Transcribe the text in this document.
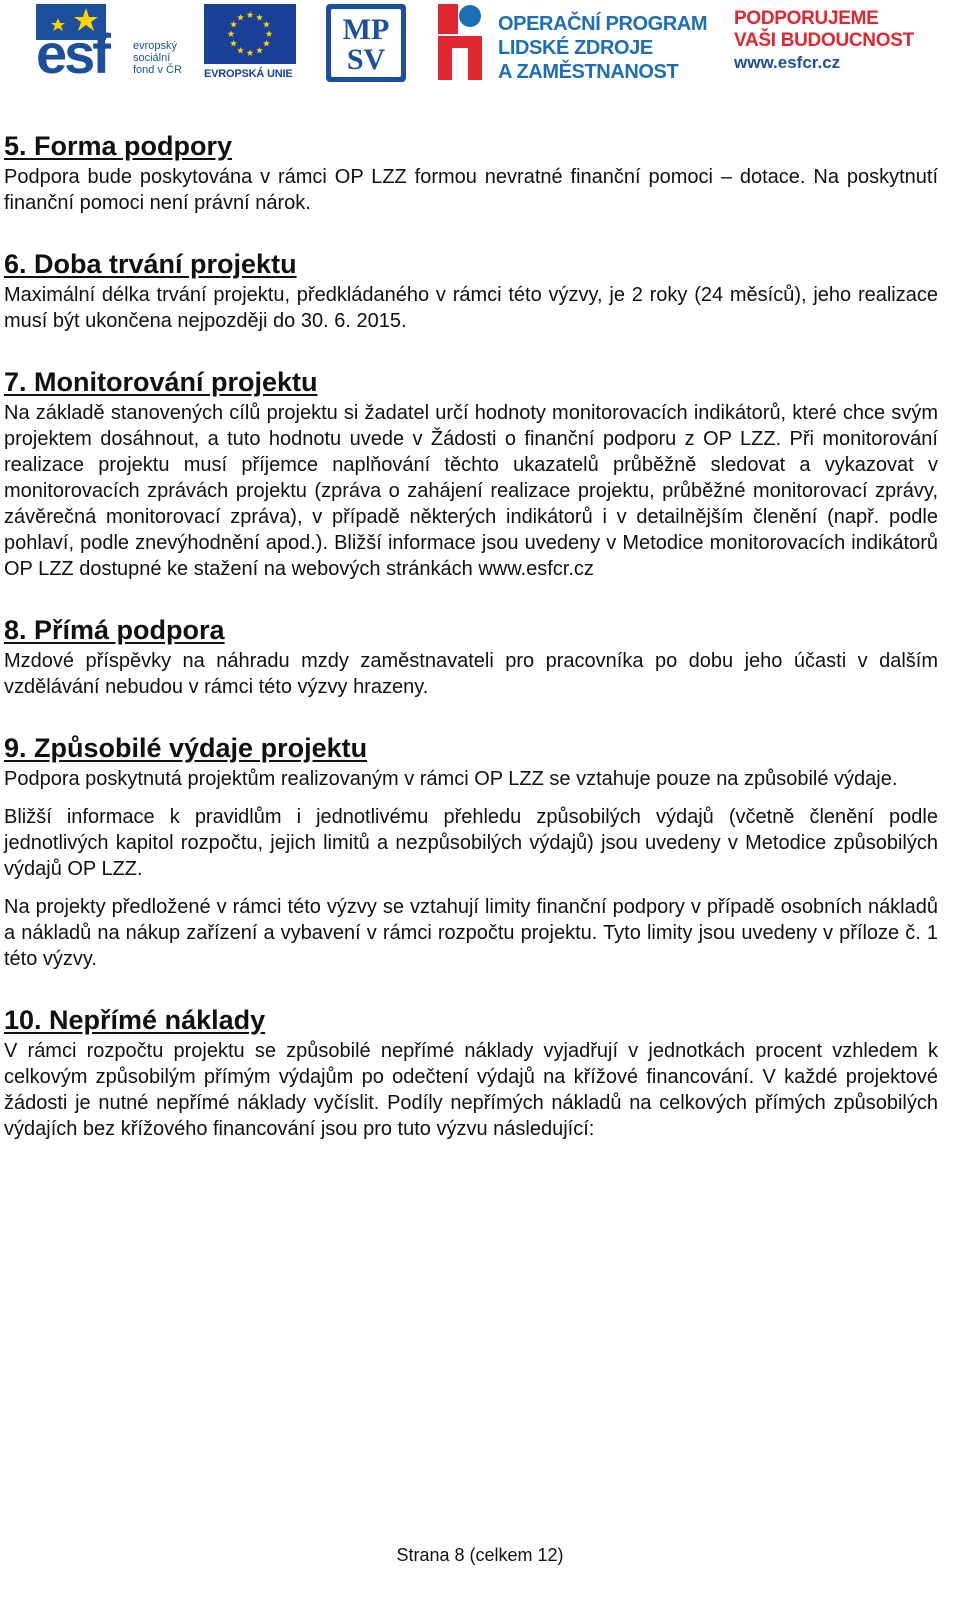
esf evropský
sociální
fond v ČR EVROPSKÁ UNIE
MP
SV
OPERAČNÍ PROGRAM
LIDSKÉ ZDROJE
A ZAMĚSTNANOST
PODPORUJEME
VAŠI BUDOUCNOST
www.esfcr.cz
5. Forma podpory

Podpora bude poskytována v rámci OP LZZ formou nevratné finanční pomoci – dotace. Na poskytnutí finanční pomoci není právní nárok.

6. Doba trvání projektu

Maximální délka trvání projektu, předkládaného v rámci této výzvy, je 2 roky (24 měsíců), jeho realizace musí být ukončena nejpozději do 30. 6. 2015.

7. Monitorování projektu

Na základě stanovených cílů projektu si žadatel určí hodnoty monitorovacích indikátorů, které chce svým projektem dosáhnout, a tuto hodnotu uvede v Žádosti o finanční podporu z OP LZZ. Při monitorování realizace projektu musí příjemce naplňování těchto ukazatelů průběžně sledovat a vykazovat v monitorovacích zprávách projektu (zpráva o zahájení realizace projektu, průběžné monitorovací zprávy, závěrečná monitorovací zpráva), v případě některých indikátorů i v detailnějším členění (např. podle pohlaví, podle znevýhodnění apod.). Bližší informace jsou uvedeny v Metodice monitorovacích indikátorů OP LZZ dostupné ke stažení na webových stránkách www.esfcr.cz

8. Přímá podpora

Mzdové příspěvky na náhradu mzdy zaměstnavateli pro pracovníka po dobu jeho účasti v dalším vzdělávání nebudou v rámci této výzvy hrazeny.

9. Způsobilé výdaje projektu

Podpora poskytnutá projektům realizovaným v rámci OP LZZ se vztahuje pouze na způsobilé výdaje.

Bližší informace k pravidlům i jednotlivému přehledu způsobilých výdajů (včetně členění podle jednotlivých kapitol rozpočtu, jejich limitů a nezpůsobilých výdajů) jsou uvedeny v Metodice způsobilých výdajů OP LZZ.

Na projekty předložené v rámci této výzvy se vztahují limity finanční podpory v případě osobních nákladů a nákladů na nákup zařízení a vybavení v rámci rozpočtu projektu. Tyto limity jsou uvedeny v příloze č. 1 této výzvy.

10. Nepřímé náklady

V rámci rozpočtu projektu se způsobilé nepřímé náklady vyjadřují v jednotkách procent vzhledem k celkovým způsobilým přímým výdajům po odečtení výdajů na křížové financování. V každé projektové žádosti je nutné nepřímé náklady vyčíslit. Podíly nepřímých nákladů na celkových přímých způsobilých výdajích bez křížového financování jsou pro tuto výzvu následující:

Strana 8 (celkem 12)
